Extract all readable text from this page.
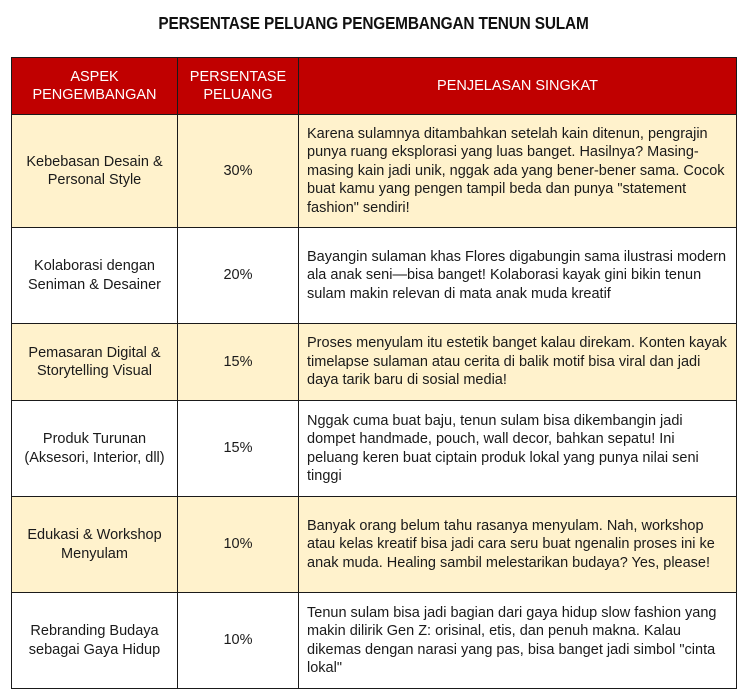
PERSENTASE PELUANG PENGEMBANGAN TENUN SULAM
ASPEK PENGEMBANGAN	PERSENTASE PELUANG	PENJELASAN SINGKAT
Kebebasan Desain & Personal Style	30%	Karena sulamnya ditambahkan setelah kain ditenun, pengrajin punya ruang eksplorasi yang luas banget. Hasilnya? Masing-masing kain jadi unik, nggak ada yang bener-bener sama. Cocok buat kamu yang pengen tampil beda dan punya "statement fashion" sendiri!
Kolaborasi dengan Seniman & Desainer	20%	Bayangin sulaman khas Flores digabungin sama ilustrasi modern ala anak seni—bisa banget! Kolaborasi kayak gini bikin tenun sulam makin relevan di mata anak muda kreatif
Pemasaran Digital & Storytelling Visual	15%	Proses menyulam itu estetik banget kalau direkam. Konten kayak timelapse sulaman atau cerita di balik motif bisa viral dan jadi daya tarik baru di sosial media!
Produk Turunan (Aksesori, Interior, dll)	15%	Nggak cuma buat baju, tenun sulam bisa dikembangin jadi dompet handmade, pouch, wall decor, bahkan sepatu! Ini peluang keren buat ciptain produk lokal yang punya nilai seni tinggi
Edukasi & Workshop Menyulam	10%	Banyak orang belum tahu rasanya menyulam. Nah, workshop atau kelas kreatif bisa jadi cara seru buat ngenalin proses ini ke anak muda. Healing sambil melestarikan budaya? Yes, please!
Rebranding Budaya sebagai Gaya Hidup	10%	Tenun sulam bisa jadi bagian dari gaya hidup slow fashion yang makin dilirik Gen Z: orisinal, etis, dan penuh makna. Kalau dikemas dengan narasi yang pas, bisa banget jadi simbol "cinta lokal"
